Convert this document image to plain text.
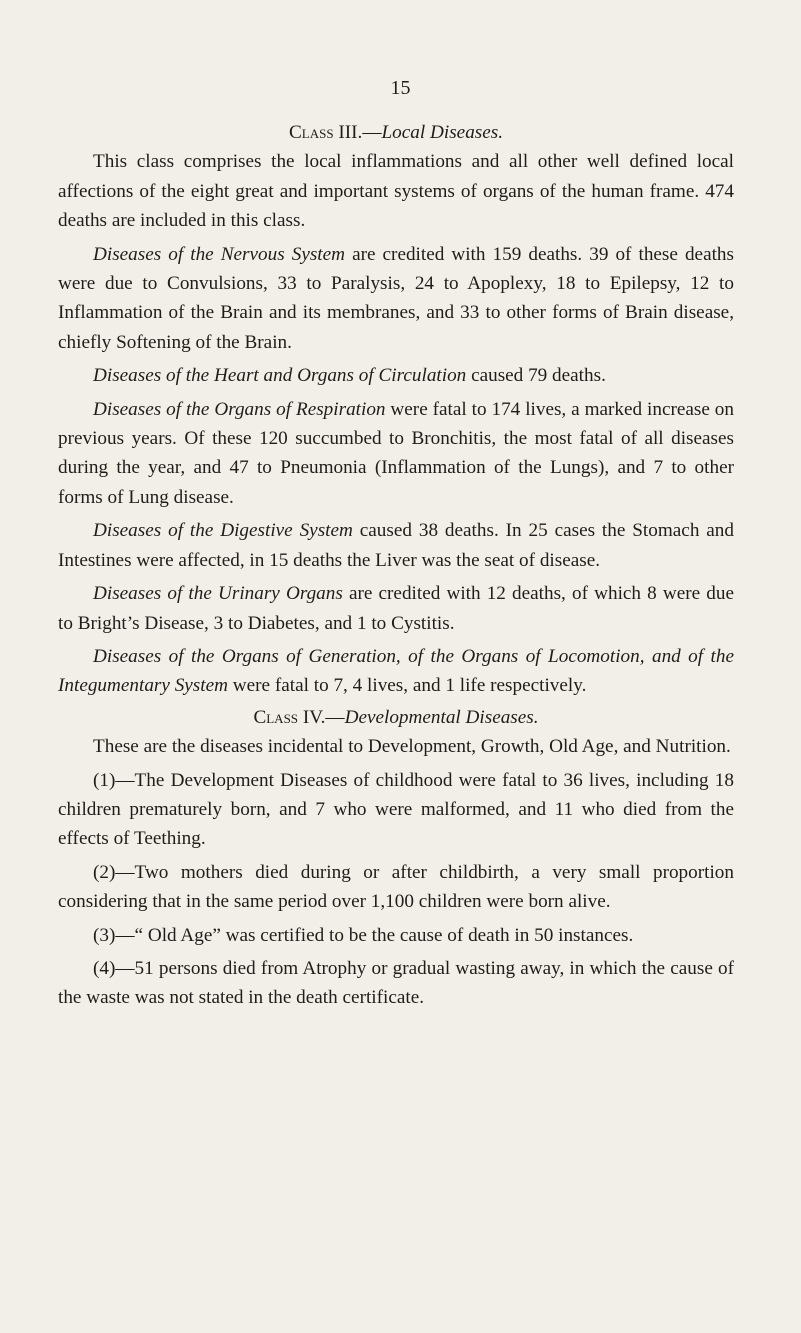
15

Class III.—Local Diseases.

This class comprises the local inflammations and all other well defined local affections of the eight great and important systems of organs of the human frame. 474 deaths are included in this class.

Diseases of the Nervous System are credited with 159 deaths. 39 of these deaths were due to Convulsions, 33 to Paralysis, 24 to Apoplexy, 18 to Epilepsy, 12 to Inflammation of the Brain and its membranes, and 33 to other forms of Brain disease, chiefly Softening of the Brain.

Diseases of the Heart and Organs of Circulation caused 79 deaths.

Diseases of the Organs of Respiration were fatal to 174 lives, a marked increase on previous years. Of these 120 succumbed to Bronchitis, the most fatal of all diseases during the year, and 47 to Pneumonia (Inflammation of the Lungs), and 7 to other forms of Lung disease.

Diseases of the Digestive System caused 38 deaths. In 25 cases the Stomach and Intestines were affected, in 15 deaths the Liver was the seat of disease.

Diseases of the Urinary Organs are credited with 12 deaths, of which 8 were due to Bright’s Disease, 3 to Diabetes, and 1 to Cystitis.

Diseases of the Organs of Generation, of the Organs of Locomotion, and of the Integumentary System were fatal to 7, 4 lives, and 1 life respectively.

Class IV.—Developmental Diseases.

These are the diseases incidental to Development, Growth, Old Age, and Nutrition.

(1)—The Development Diseases of childhood were fatal to 36 lives, including 18 children prematurely born, and 7 who were malformed, and 11 who died from the effects of Teething.

(2)—Two mothers died during or after childbirth, a very small proportion considering that in the same period over 1,100 children were born alive.

(3)—“ Old Age” was certified to be the cause of death in 50 instances.

(4)—51 persons died from Atrophy or gradual wasting away, in which the cause of the waste was not stated in the death certificate.
